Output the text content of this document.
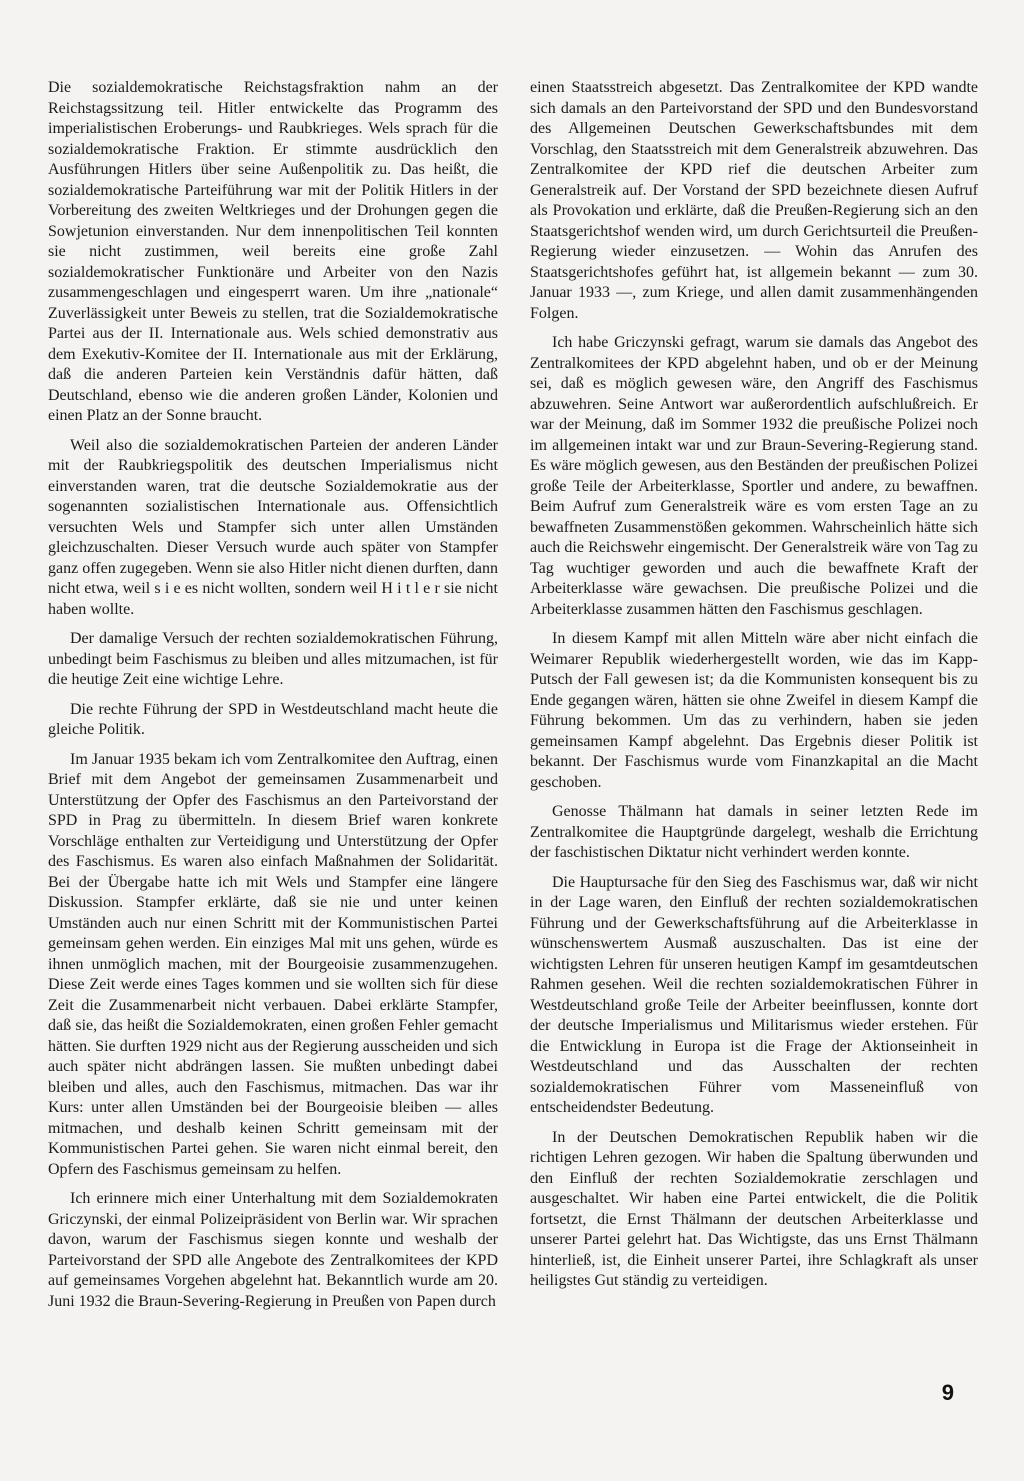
Die sozialdemokratische Reichstagsfraktion nahm an der Reichstagssitzung teil. Hitler entwickelte das Programm des imperialistischen Eroberungs- und Raubkrieges. Wels sprach für die sozialdemokratische Fraktion. Er stimmte ausdrücklich den Ausführungen Hitlers über seine Außenpolitik zu. Das heißt, die sozialdemokratische Parteiführung war mit der Politik Hitlers in der Vorbereitung des zweiten Weltkrieges und der Drohungen gegen die Sowjetunion einverstanden. Nur dem innenpolitischen Teil konnten sie nicht zustimmen, weil bereits eine große Zahl sozialdemokratischer Funktionäre und Arbeiter von den Nazis zusammengeschlagen und eingesperrt waren. Um ihre „nationale“ Zuverlässigkeit unter Beweis zu stellen, trat die Sozialdemokratische Partei aus der II. Internationale aus. Wels schied demonstrativ aus dem Exekutiv-Komitee der II. Internationale aus mit der Erklärung, daß die anderen Parteien kein Verständnis dafür hätten, daß Deutschland, ebenso wie die anderen großen Länder, Kolonien und einen Platz an der Sonne braucht.

Weil also die sozialdemokratischen Parteien der anderen Länder mit der Raubkriegspolitik des deutschen Imperialismus nicht einverstanden waren, trat die deutsche Sozialdemokratie aus der sogenannten sozialistischen Internationale aus. Offensichtlich versuchten Wels und Stampfer sich unter allen Umständen gleichzuschalten. Dieser Versuch wurde auch später von Stampfer ganz offen zugegeben. Wenn sie also Hitler nicht dienen durften, dann nicht etwa, weil s i e es nicht wollten, sondern weil H i t l e r sie nicht haben wollte.

Der damalige Versuch der rechten sozialdemokratischen Führung, unbedingt beim Faschismus zu bleiben und alles mitzumachen, ist für die heutige Zeit eine wichtige Lehre.

Die rechte Führung der SPD in Westdeutschland macht heute die gleiche Politik.

Im Januar 1935 bekam ich vom Zentralkomitee den Auftrag, einen Brief mit dem Angebot der gemeinsamen Zusammenarbeit und Unterstützung der Opfer des Faschismus an den Parteivorstand der SPD in Prag zu übermitteln. In diesem Brief waren konkrete Vorschläge enthalten zur Verteidigung und Unterstützung der Opfer des Faschismus. Es waren also einfach Maßnahmen der Solidarität. Bei der Übergabe hatte ich mit Wels und Stampfer eine längere Diskussion. Stampfer erklärte, daß sie nie und unter keinen Umständen auch nur einen Schritt mit der Kommunistischen Partei gemeinsam gehen werden. Ein einziges Mal mit uns gehen, würde es ihnen unmöglich machen, mit der Bourgeoisie zusammenzugehen. Diese Zeit werde eines Tages kommen und sie wollten sich für diese Zeit die Zusammenarbeit nicht verbauen. Dabei erklärte Stampfer, daß sie, das heißt die Sozialdemokraten, einen großen Fehler gemacht hätten. Sie durften 1929 nicht aus der Regierung ausscheiden und sich auch später nicht abdrängen lassen. Sie mußten unbedingt dabei bleiben und alles, auch den Faschismus, mitmachen. Das war ihr Kurs: unter allen Umständen bei der Bourgeoisie bleiben — alles mitmachen, und deshalb keinen Schritt gemeinsam mit der Kommunistischen Partei gehen. Sie waren nicht einmal bereit, den Opfern des Faschismus gemeinsam zu helfen.

Ich erinnere mich einer Unterhaltung mit dem Sozialdemokraten Griczynski, der einmal Polizeipräsident von Berlin war. Wir sprachen davon, warum der Faschismus siegen konnte und weshalb der Parteivorstand der SPD alle Angebote des Zentralkomitees der KPD auf gemeinsames Vorgehen abgelehnt hat. Bekanntlich wurde am 20. Juni 1932 die Braun-Severing-Regierung in Preußen von Papen durch

einen Staatsstreich abgesetzt. Das Zentralkomitee der KPD wandte sich damals an den Parteivorstand der SPD und den Bundesvorstand des Allgemeinen Deutschen Gewerkschaftsbundes mit dem Vorschlag, den Staatsstreich mit dem Generalstreik abzuwehren. Das Zentralkomitee der KPD rief die deutschen Arbeiter zum Generalstreik auf. Der Vorstand der SPD bezeichnete diesen Aufruf als Provokation und erklärte, daß die Preußen-Regierung sich an den Staatsgerichtshof wenden wird, um durch Gerichtsurteil die Preußen-Regierung wieder einzusetzen. — Wohin das Anrufen des Staatsgerichtshofes geführt hat, ist allgemein bekannt — zum 30. Januar 1933 —, zum Kriege, und allen damit zusammenhängenden Folgen.

Ich habe Griczynski gefragt, warum sie damals das Angebot des Zentralkomitees der KPD abgelehnt haben, und ob er der Meinung sei, daß es möglich gewesen wäre, den Angriff des Faschismus abzuwehren. Seine Antwort war außerordentlich aufschlußreich. Er war der Meinung, daß im Sommer 1932 die preußische Polizei noch im allgemeinen intakt war und zur Braun-Severing-Regierung stand. Es wäre möglich gewesen, aus den Beständen der preußischen Polizei große Teile der Arbeiterklasse, Sportler und andere, zu bewaffnen. Beim Aufruf zum Generalstreik wäre es vom ersten Tage an zu bewaffneten Zusammenstößen gekommen. Wahrscheinlich hätte sich auch die Reichswehr eingemischt. Der Generalstreik wäre von Tag zu Tag wuchtiger geworden und auch die bewaffnete Kraft der Arbeiterklasse wäre gewachsen. Die preußische Polizei und die Arbeiterklasse zusammen hätten den Faschismus geschlagen.

In diesem Kampf mit allen Mitteln wäre aber nicht einfach die Weimarer Republik wiederhergestellt worden, wie das im Kapp-Putsch der Fall gewesen ist; da die Kommunisten konsequent bis zu Ende gegangen wären, hätten sie ohne Zweifel in diesem Kampf die Führung bekommen. Um das zu verhindern, haben sie jeden gemeinsamen Kampf abgelehnt. Das Ergebnis dieser Politik ist bekannt. Der Faschismus wurde vom Finanzkapital an die Macht geschoben.

Genosse Thälmann hat damals in seiner letzten Rede im Zentralkomitee die Hauptgründe dargelegt, weshalb die Errichtung der faschistischen Diktatur nicht verhindert werden konnte.

Die Hauptursache für den Sieg des Faschismus war, daß wir nicht in der Lage waren, den Einfluß der rechten sozialdemokratischen Führung und der Gewerkschaftsführung auf die Arbeiterklasse in wünschenswertem Ausmaß auszuschalten. Das ist eine der wichtigsten Lehren für unseren heutigen Kampf im gesamtdeutschen Rahmen gesehen. Weil die rechten sozialdemokratischen Führer in Westdeutschland große Teile der Arbeiter beeinflussen, konnte dort der deutsche Imperialismus und Militarismus wieder erstehen. Für die Entwicklung in Europa ist die Frage der Aktionseinheit in Westdeutschland und das Ausschalten der rechten sozialdemokratischen Führer vom Masseneinfluß von entscheidendster Bedeutung.

In der Deutschen Demokratischen Republik haben wir die richtigen Lehren gezogen. Wir haben die Spaltung überwunden und den Einfluß der rechten Sozialdemokratie zerschlagen und ausgeschaltet. Wir haben eine Partei entwickelt, die die Politik fortsetzt, die Ernst Thälmann der deutschen Arbeiterklasse und unserer Partei gelehrt hat. Das Wichtigste, das uns Ernst Thälmann hinterließ, ist, die Einheit unserer Partei, ihre Schlagkraft als unser heiligstes Gut ständig zu verteidigen.

9
